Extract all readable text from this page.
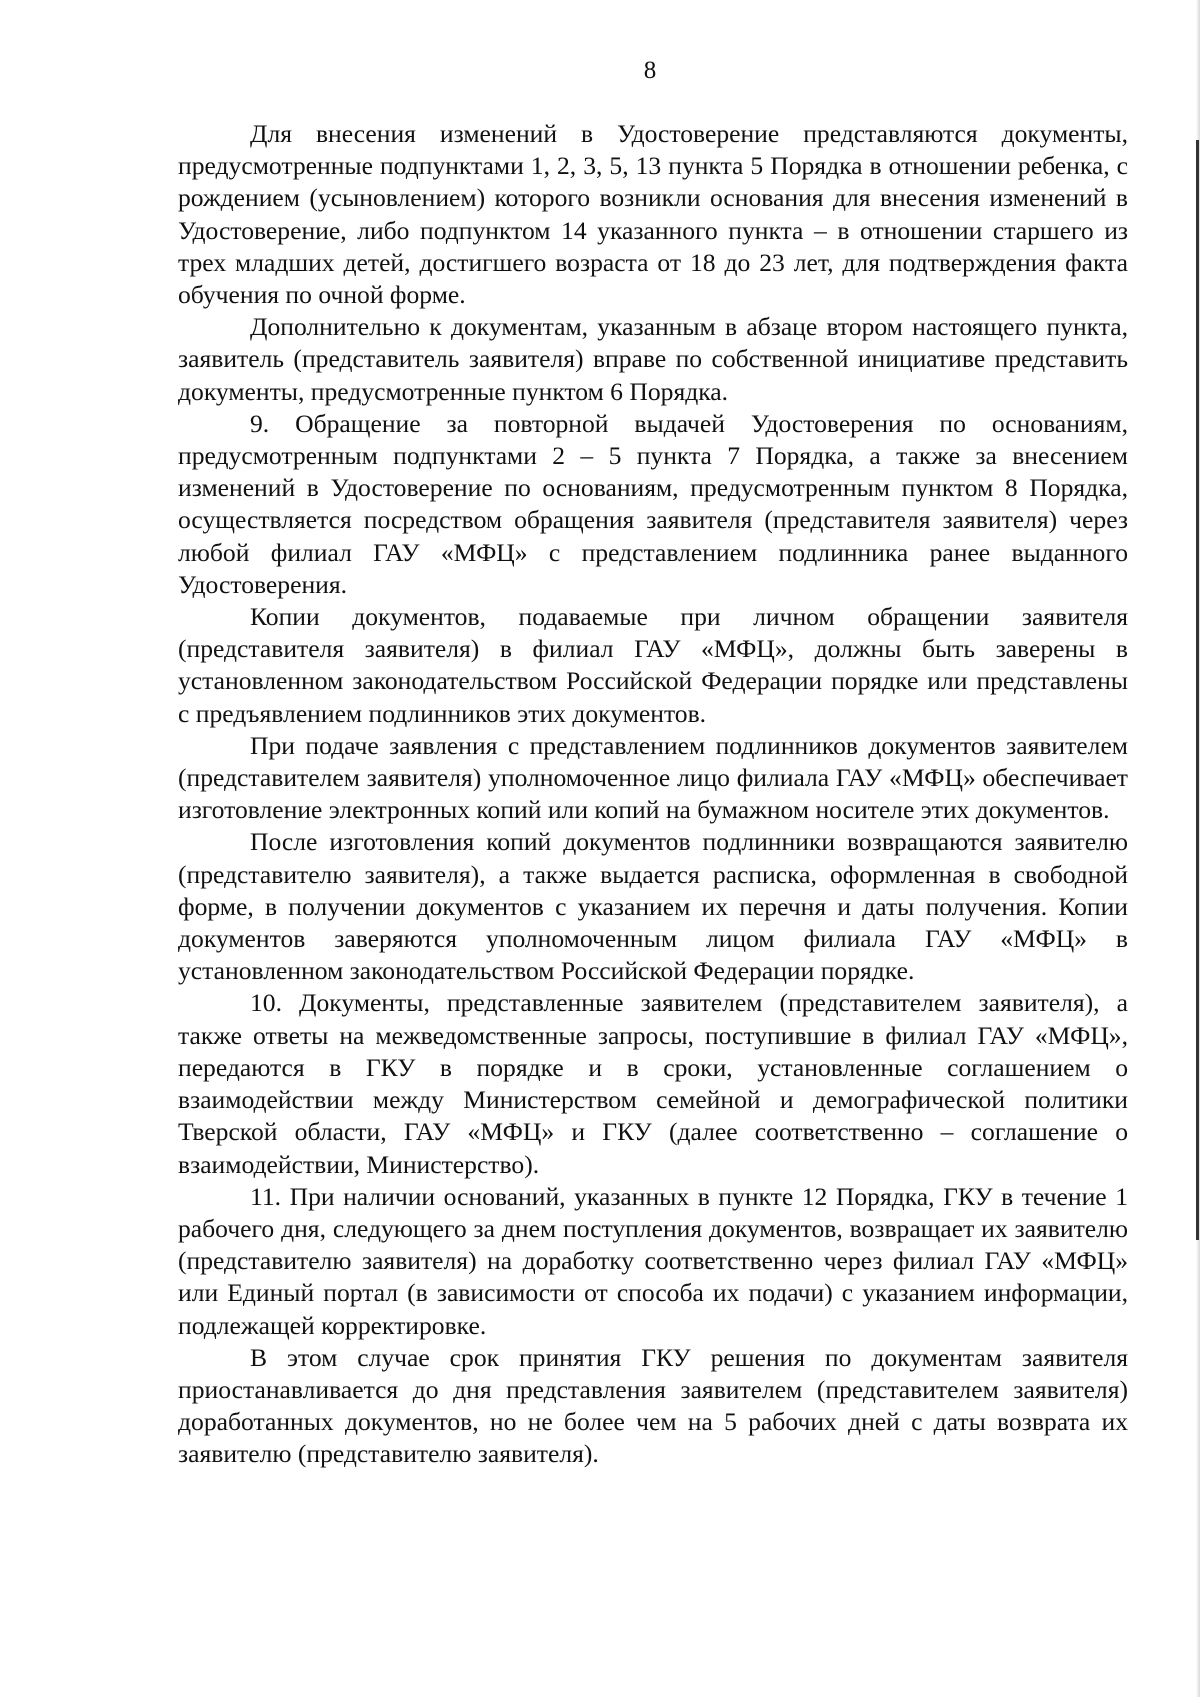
8

Для внесения изменений в Удостоверение представляются документы, предусмотренные подпунктами 1, 2, 3, 5, 13 пункта 5 Порядка в отношении ребенка, с рождением (усыновлением) которого возникли основания для внесения изменений в Удостоверение, либо подпунктом 14 указанного пункта – в отношении старшего из трех младших детей, достигшего возраста от 18 до 23 лет, для подтверждения факта обучения по очной форме.

Дополнительно к документам, указанным в абзаце втором настоящего пункта, заявитель (представитель заявителя) вправе по собственной инициативе представить документы, предусмотренные пунктом 6 Порядка.

9. Обращение за повторной выдачей Удостоверения по основаниям, предусмотренным подпунктами 2 – 5 пункта 7 Порядка, а также за внесением изменений в Удостоверение по основаниям, предусмотренным пунктом 8 Порядка, осуществляется посредством обращения заявителя (представителя заявителя) через любой филиал ГАУ «МФЦ» с представлением подлинника ранее выданного Удостоверения.

Копии документов, подаваемые при личном обращении заявителя (представителя заявителя) в филиал ГАУ «МФЦ», должны быть заверены в установленном законодательством Российской Федерации порядке или представлены с предъявлением подлинников этих документов.

При подаче заявления с представлением подлинников документов заявителем (представителем заявителя) уполномоченное лицо филиала ГАУ «МФЦ» обеспечивает изготовление электронных копий или копий на бумажном носителе этих документов.

После изготовления копий документов подлинники возвращаются заявителю (представителю заявителя), а также выдается расписка, оформленная в свободной форме, в получении документов с указанием их перечня и даты получения. Копии документов заверяются уполномоченным лицом филиала ГАУ «МФЦ» в установленном законодательством Российской Федерации порядке.

10. Документы, представленные заявителем (представителем заявителя), а также ответы на межведомственные запросы, поступившие в филиал ГАУ «МФЦ», передаются в ГКУ в порядке и в сроки, установленные соглашением о взаимодействии между Министерством семейной и демографической политики Тверской области, ГАУ «МФЦ» и ГКУ (далее соответственно – соглашение о взаимодействии, Министерство).

11. При наличии оснований, указанных в пункте 12 Порядка, ГКУ в течение 1 рабочего дня, следующего за днем поступления документов, возвращает их заявителю (представителю заявителя) на доработку соответственно через филиал ГАУ «МФЦ» или Единый портал (в зависимости от способа их подачи) с указанием информации, подлежащей корректировке.

В этом случае срок принятия ГКУ решения по документам заявителя приостанавливается до дня представления заявителем (представителем заявителя) доработанных документов, но не более чем на 5 рабочих дней с даты возврата их заявителю (представителю заявителя).
